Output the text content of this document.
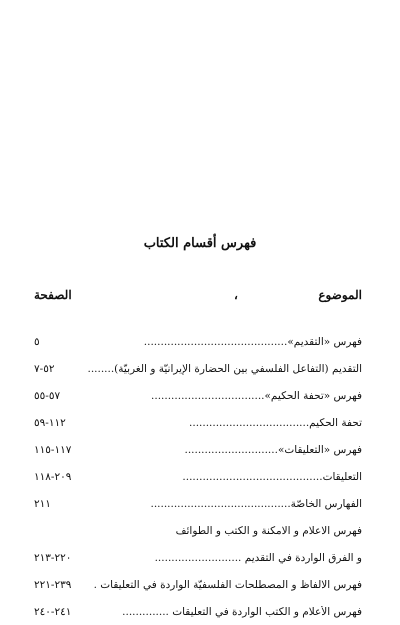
فهرس أقسام الكتاب
الموضوع
،
الصفحة
فهرس «التقديم»...........................................
٥
التقديم (التفاعل الفلسفي بين الحضارة الإيرانيّة و الغربيّة)........
٥٢-٧
فهرس «تحفة الحكيم»..................................
٥٧-٥٥
تحفة الحكيم....................................
١١٢-٥٩
فهرس «التعليقات»............................
١١٧-١١٥
التعليقات..........................................
٢٠٩-١١٨
الفهارس الخاصّة..........................................
٢١١
فهرس الاعلام و الامكنة و الكتب و الطوائف
و الفرق الواردة في التقديم ..........................
٢٢٠-٢١٣
فهرس الالفاظ و المصطلحات الفلسفيّة الواردة في التعليقات .
٢٣٩-٢٢١
فهرس الأعلام و الكتب الواردة في التعليقات ..............
٢٤١-٢٤٠
